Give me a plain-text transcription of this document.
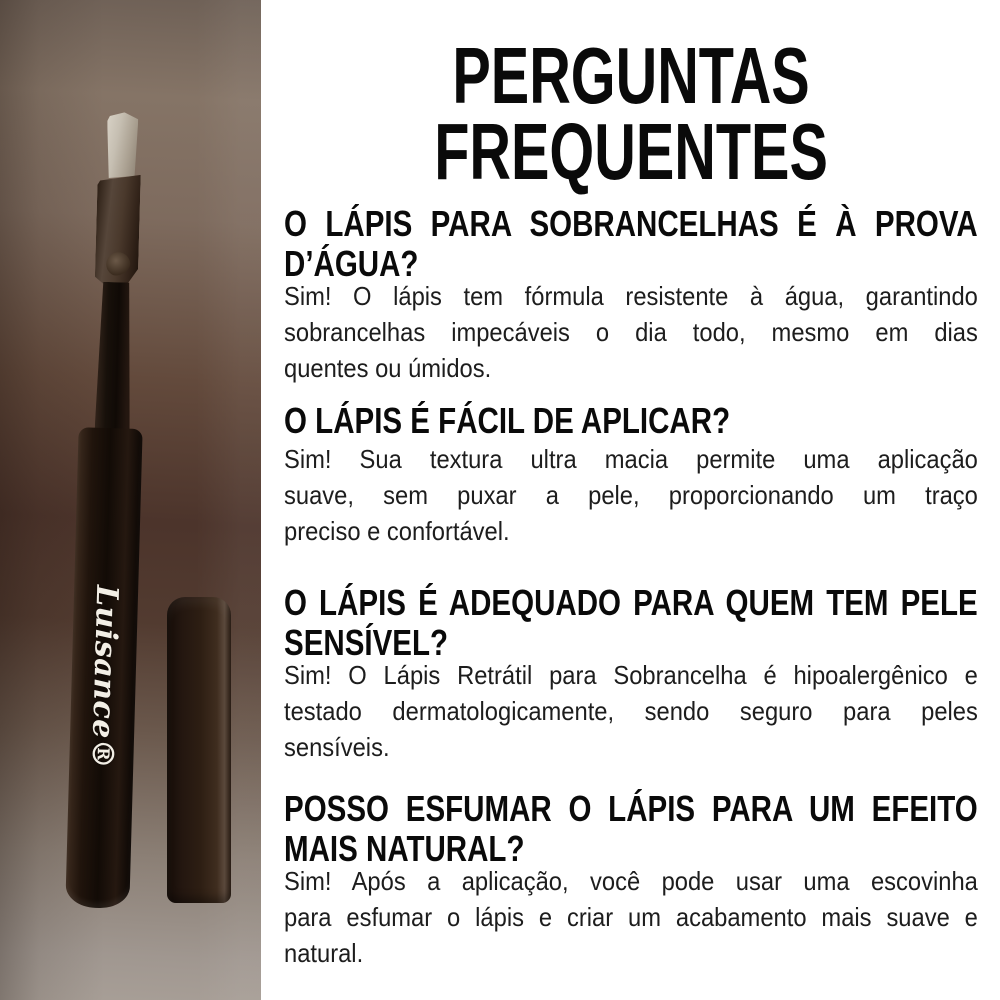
Luisance®
PERGUNTAS
FREQUENTES
O LÁPIS PARA SOBRANCELHAS É À PROVA
D’ÁGUA?
Sim! O lápis tem fórmula resistente à água, garantindo
sobrancelhas impecáveis o dia todo, mesmo em dias
quentes ou úmidos.
O LÁPIS É FÁCIL DE APLICAR?
Sim! Sua textura ultra macia permite uma aplicação
suave, sem puxar a pele, proporcionando um traço
preciso e confortável.
O LÁPIS É ADEQUADO PARA QUEM TEM PELE
SENSÍVEL?
Sim! O Lápis Retrátil para Sobrancelha é hipoalergênico e
testado dermatologicamente, sendo seguro para peles
sensíveis.
POSSO ESFUMAR O LÁPIS PARA UM EFEITO
MAIS NATURAL?
Sim! Após a aplicação, você pode usar uma escovinha
para esfumar o lápis e criar um acabamento mais suave e
natural.
